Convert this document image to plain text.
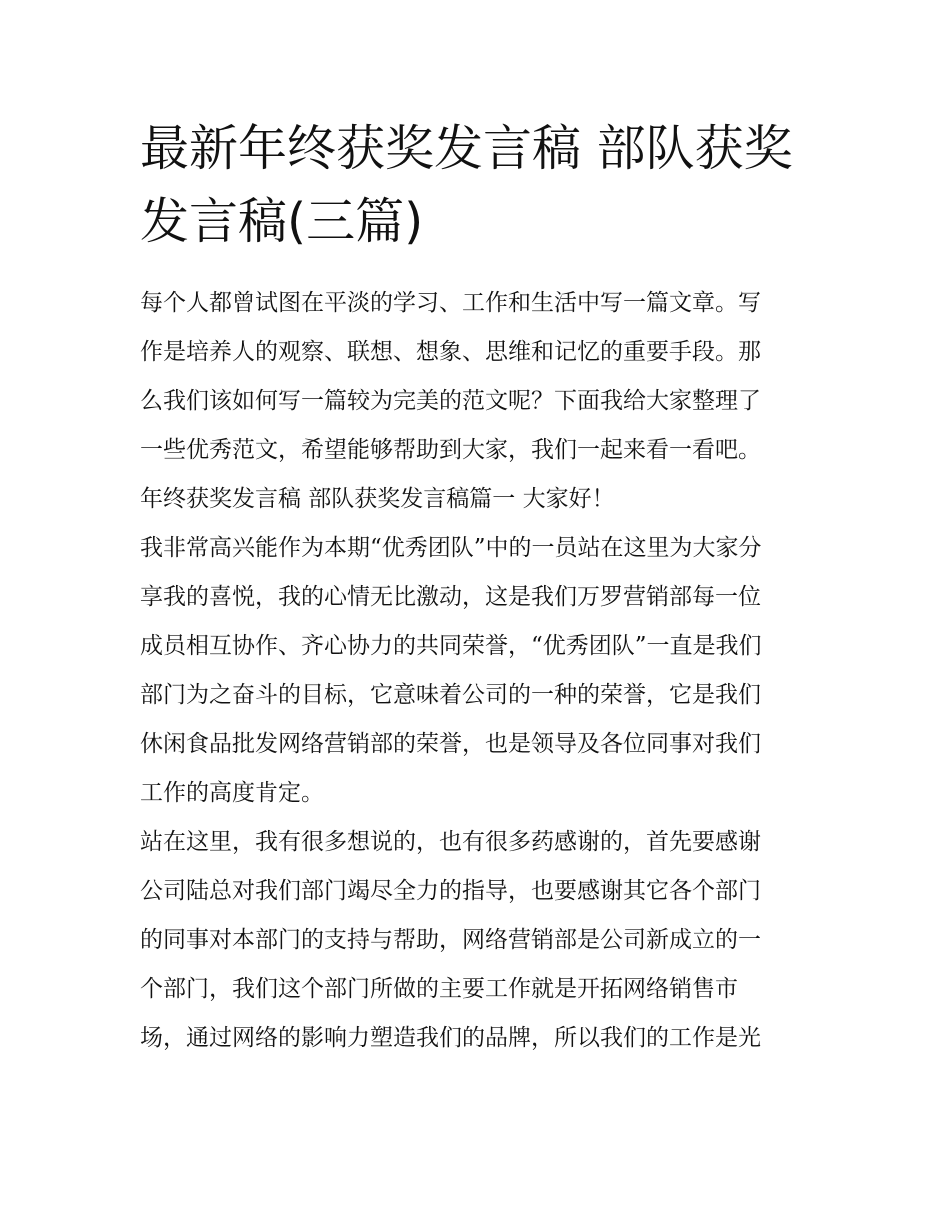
最新年终获奖发言稿 部队获奖
发言稿(三篇)
每个人都曾试图在平淡的学习、工作和生活中写一篇文章。写
作是培养人的观察、联想、想象、思维和记忆的重要手段。那
么我们该如何写一篇较为完美的范文呢？下面我给大家整理了
一些优秀范文，希望能够帮助到大家，我们一起来看一看吧。
年终获奖发言稿 部队获奖发言稿篇一 大家好！
我非常高兴能作为本期“优秀团队”中的一员站在这里为大家分
享我的喜悦，我的心情无比激动，这是我们万罗营销部每一位
成员相互协作、齐心协力的共同荣誉，“优秀团队”一直是我们
部门为之奋斗的目标，它意味着公司的一种的荣誉，它是我们
休闲食品批发网络营销部的荣誉，也是领导及各位同事对我们
工作的高度肯定。
站在这里，我有很多想说的，也有很多药感谢的，首先要感谢
公司陆总对我们部门竭尽全力的指导，也要感谢其它各个部门
的同事对本部门的支持与帮助，网络营销部是公司新成立的一
个部门，我们这个部门所做的主要工作就是开拓网络销售市
场，通过网络的影响力塑造我们的品牌，所以我们的工作是光
